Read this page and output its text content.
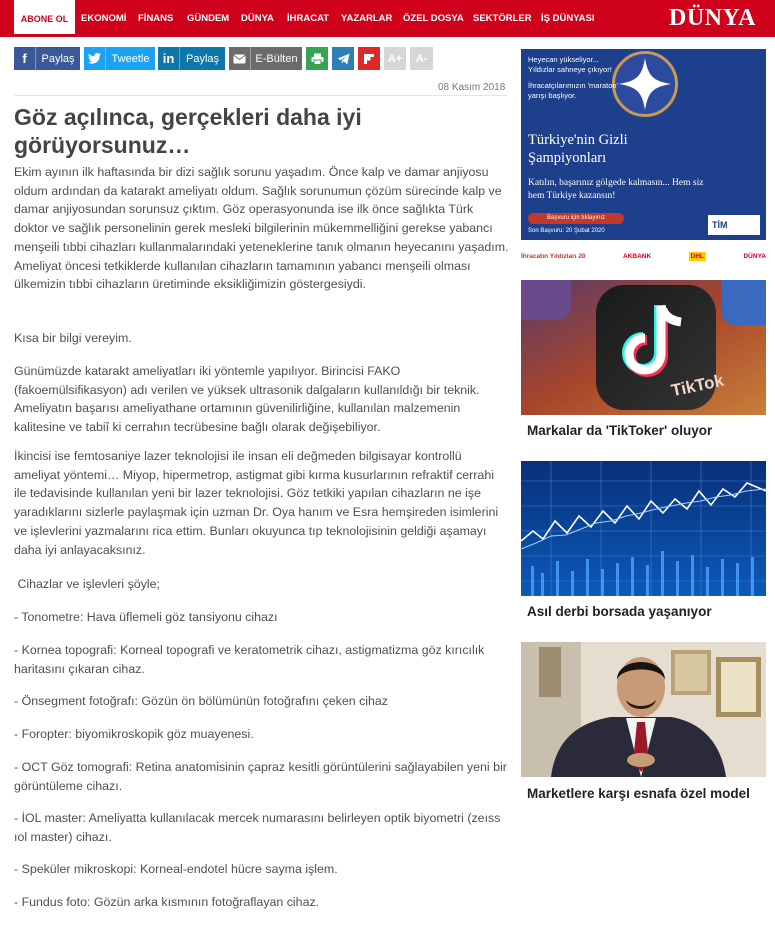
ABONE OL	EKONOMİ FİNANS GÜNDEM DÜNYA İHRACAT YAZARLAR ÖZEL DOSYA SEKTÖRLER İŞ DÜNYASI	DÜNYA
f	Paylaş	Tweetle	in	Paylaş	E-Bülten	A+	A-
08 Kasım 2018
Göz açılınca, gerçekleri daha iyi görüyorsunuz…

Ekim ayının ilk haftasında bir dizi sağlık sorunu yaşadım. Önce kalp ve damar anjiyosu oldum ardından da katarakt ameliyatı oldum. Sağlık sorunumun çözüm sürecinde kalp ve damar anjiyosundan sorunsuz çıktım. Göz operasyonunda ise ilk önce sağlıkta Türk doktor ve sağlık personelinin gerek mesleki bilgilerinin mükemmelliğini gerekse yabancı menşeili tıbbi cihazları kullanmalarındaki yeteneklerine tanık olmanın heyecanını yaşadım. Ameliyat öncesi tetkiklerde kullanılan cihazların tamamının yabancı menşeili olması ülkemizin tıbbi cihazların üretiminde eksikliğimizin göstergesiydi.

Kısa bir bilgi vereyim.

Günümüzde katarakt ameliyatları iki yöntemle yapılıyor. Birincisi FAKO (fakoemülsifikasyon) adı verilen ve yüksek ultrasonik dalgaların kullanıldığı bir teknik. Ameliyatın başarısı ameliyathane ortamının güvenilirliğine, kullanılan malzemenin kalitesine ve tabiî ki cerrahın tecrübesine bağlı olarak değişebiliyor.

İkincisi ise femtosaniye lazer teknolojisi ile insan eli değmeden bilgisayar kontrollü ameliyat yöntemi… Miyop, hipermetrop, astigmat gibi kırma kusurlarının refraktif cerrahi ile tedavisinde kullanılan yeni bir lazer teknolojisi. Göz tetkiki yapılan cihazların ne işe yaradıklarını sizlerle paylaşmak için uzman Dr. Oya hanım ve Esra hemşireden isimlerini ve işlevlerini yazmalarını rica ettim. Bunları okuyunca tıp teknolojisinin geldiği aşamayı daha iyi anlayacaksınız.

Cihazlar ve işlevleri şöyle;

- Tonometre: Hava üflemeli göz tansiyonu cihazı

- Kornea topografi: Korneal topografi ve keratometrik cihazı, astigmatizma göz kırıcılık haritasını çıkaran cihaz.

- Önsegment fotoğrafı: Gözün ön bölümünün fotoğrafını çeken cihaz

- Foropter: biyomikroskopik göz muayenesi.

- OCT Göz tomografi: Retina anatomisinin çapraz kesitli görüntülerini sağlayabilen yeni bir görüntüleme cihazı.

- İOL master: Ameliyatta kullanılacak mercek numarasını belirleyen optik biyometri (zeıss ıol master) cihazı.

- Speküler mikroskopi: Korneal-endotel hücre sayma işlem.

- Fundus foto: Gözün arka kısmının fotoğraflayan cihaz.

Heyecan yükseliyor... Yıldızlar sahneye çıkıyor!
İhracatçılarımızın 'maraton' yarışı başlıyor.
Türkiye'nin Gizli Şampiyonları
Katılın, başarınız gölgede kalmasın... Hem siz hem Türkiye kazansın!
Başvuru için tıklayınız
Son Başvuru: 20 Şubat 2020
TİM
İhracatın Yıldızları 20	AKBANK	DHL	DÜNYA
TikTok
Markalar da 'TikToker' oluyor
Asıl derbi borsada yaşanıyor
Marketlere karşı esnafa özel model
